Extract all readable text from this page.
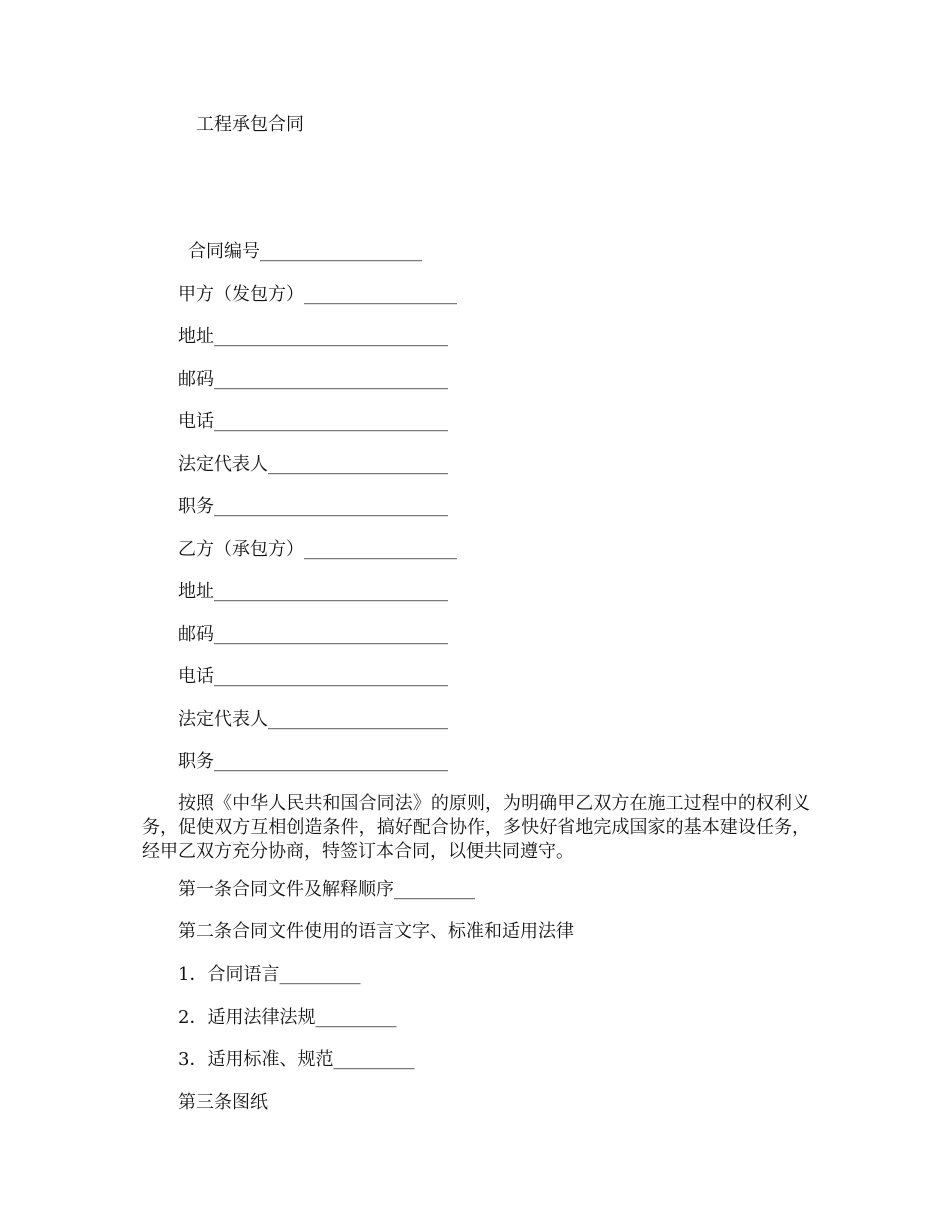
工程承包合同
合同编号__________________
甲方（发包方）_________________
地址__________________________
邮码__________________________
电话__________________________
法定代表人____________________
职务__________________________
乙方（承包方）_________________
地址__________________________
邮码__________________________
电话__________________________
法定代表人____________________
职务__________________________
按照《中华人民共和国合同法》的原则，为明确甲乙双方在施工过程中的权利义务，促使双方互相创造条件，搞好配合协作，多快好省地完成国家的基本建设任务，经甲乙双方充分协商，特签订本合同，以便共同遵守。
第一条合同文件及解释顺序_________
第二条合同文件使用的语言文字、标准和适用法律
1．合同语言_________
2．适用法律法规_________
3．适用标准、规范_________
第三条图纸
